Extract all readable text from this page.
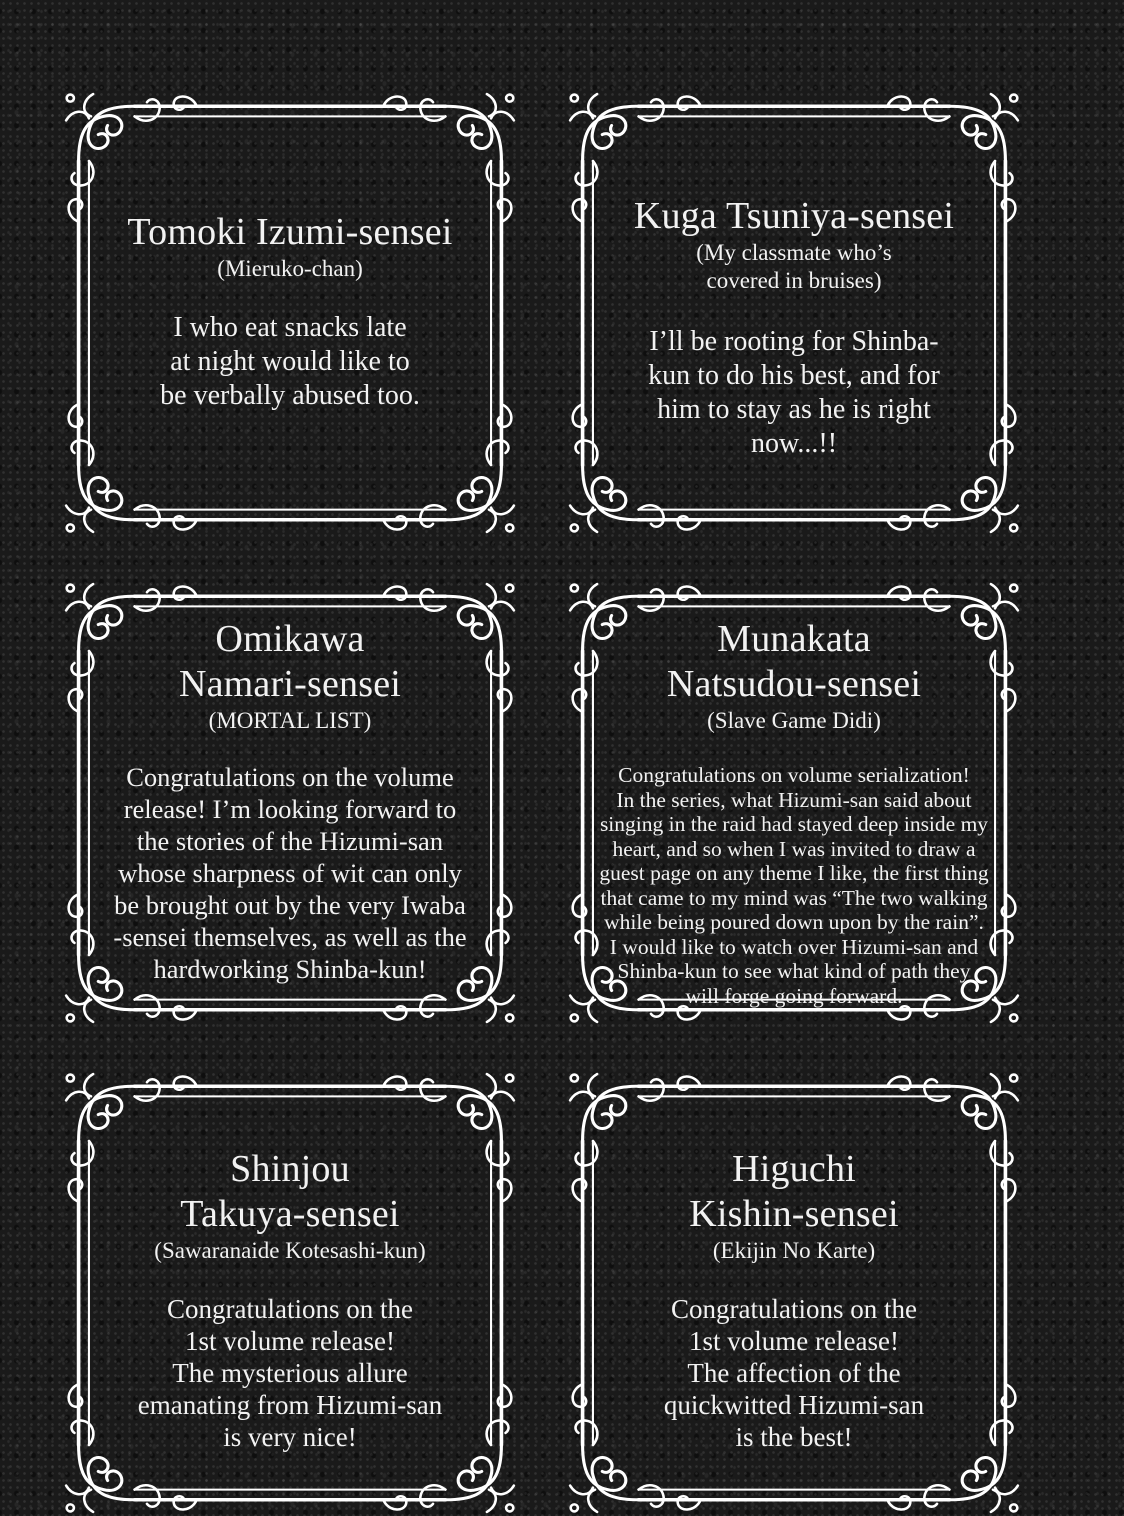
Tomoki Izumi-sensei

(Mieruko-chan)

I who eat snacks late
at night would like to
be verbally abused too.

Kuga Tsuniya-sensei

(My classmate who’s
covered in bruises)

I’ll be rooting for Shinba-
kun to do his best, and for
him to stay as he is right
now...!!

Omikawa
Namari-sensei

(MORTAL LIST)

Congratulations on the volume
release! I’m looking forward to
the stories of the Hizumi-san
whose sharpness of wit can only
be brought out by the very Iwaba
-sensei themselves, as well as the
hardworking Shinba-kun!

Munakata
Natsudou-sensei

(Slave Game Didi)

Congratulations on volume serialization!
In the series, what Hizumi-san said about
singing in the raid had stayed deep inside my
heart, and so when I was invited to draw a
guest page on any theme I like, the first thing
that came to my mind was “The two walking
while being poured down upon by the rain”.
I would like to watch over Hizumi-san and
Shinba-kun to see what kind of path they
will forge going forward.

Shinjou
Takuya-sensei

(Sawaranaide Kotesashi-kun)

Congratulations on the
1st volume release!
The mysterious allure
emanating from Hizumi-san
is very nice!

Higuchi
Kishin-sensei

(Ekijin No Karte)

Congratulations on the
1st volume release!
The affection of the
quickwitted Hizumi-san
is the best!
